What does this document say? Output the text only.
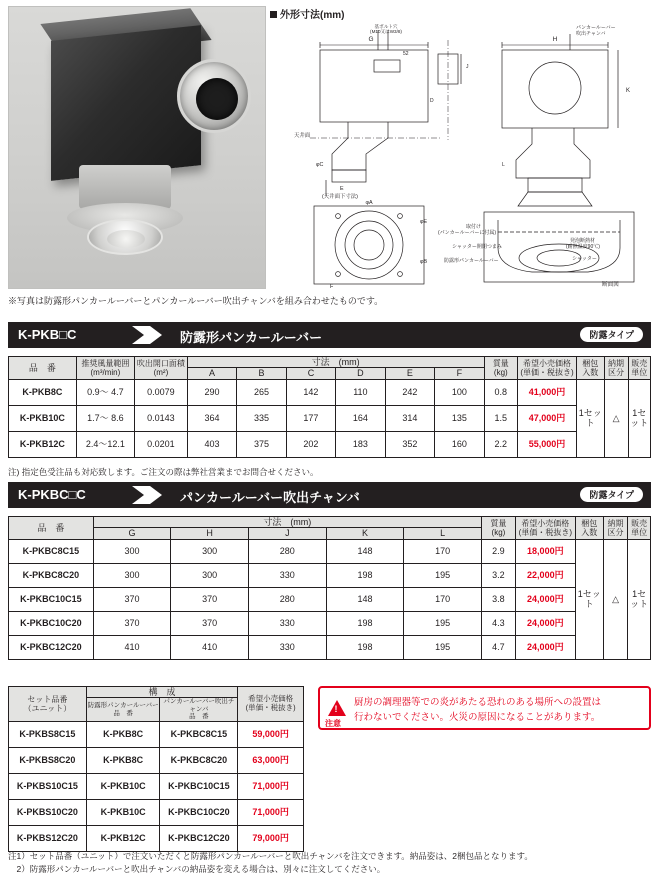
外形寸法(mm)
G
基ボルト穴
(M10又はW3/8)
52
天井面
φC
(天井面下寸法)
E
φA
φE
φB
F
J
D
H
K
L
パンカールーバー
吹出チャンバ
取付け
(パンカールーバーに付属)
シャッター開閉つまみ
防露形パンカールーバー
発泡断熱材
(耐熱温度90℃)
シャッター
断面図
※写真は防露形パンカールーバーとパンカールーバー吹出チャンバを組み合わせたものです。
K-PKB□C	防露形パンカールーバー	防露タイプ
品　番	推奨風量範囲
(m³/min)	吹出開口面積
(m²)	寸法　(mm)						質量
(kg)	希望小売価格
(単価・税抜き)	梱包
入数	納期
区分	販売
単位
			A	B	C	D	E	F					
K-PKB8C	0.9〜 4.7	0.0079	290	265	142	110	242	100	0.8	41,000円	1セット	△	1セット
K-PKB10C	1.7〜 8.6	0.0143	364	335	177	164	314	135	1.5	47,000円			
K-PKB12C	2.4〜12.1	0.0201	403	375	202	183	352	160	2.2	55,000円			
注) 指定色受注品も対応致します。ご注文の際は弊社営業までお問合せください。
K-PKBC□C	パンカールーバー吹出チャンバ	防露タイプ
品　番	寸法　(mm)					質量
(kg)	希望小売価格
(単価・税抜き)	梱包
入数	納期
区分	販売
単位
	G	H	J	K	L					
K-PKBC8C15	300	300	280	148	170	2.9	18,000円	1セット	△	1セット
K-PKBC8C20	300	300	330	198	195	3.2	22,000円			
K-PKBC10C15	370	370	280	148	170	3.8	24,000円			
K-PKBC10C20	370	370	330	198	195	4.3	24,000円			
K-PKBC12C20	410	410	330	198	195	4.7	24,000円			
セット品番
（ユニット）	構　成		希望小売価格
(単価・税抜き)
	防露形パンカールーバー
品　番	パンカールーバー吹出チャンバ
品　番	
K-PKBS8C15	K-PKB8C	K-PKBC8C15	59,000円
K-PKBS8C20	K-PKB8C	K-PKBC8C20	63,000円
K-PKBS10C15	K-PKB10C	K-PKBC10C15	71,000円
K-PKBS10C20	K-PKB10C	K-PKBC10C20	71,000円
K-PKBS12C20	K-PKB12C	K-PKBC12C20	79,000円
!
注意
厨房の調理器等での炎があたる恐れのある場所への設置は
行わないでください。火災の原因になることがあります。
注1）セット品番（ユニット）で注文いただくと防露形パンカールーバーと吹出チャンバを注文できます。納品姿は、2梱包品となります。
　2）防露形パンカールーバーと吹出チャンバの納品姿を変える場合は、別々に注文してください。
